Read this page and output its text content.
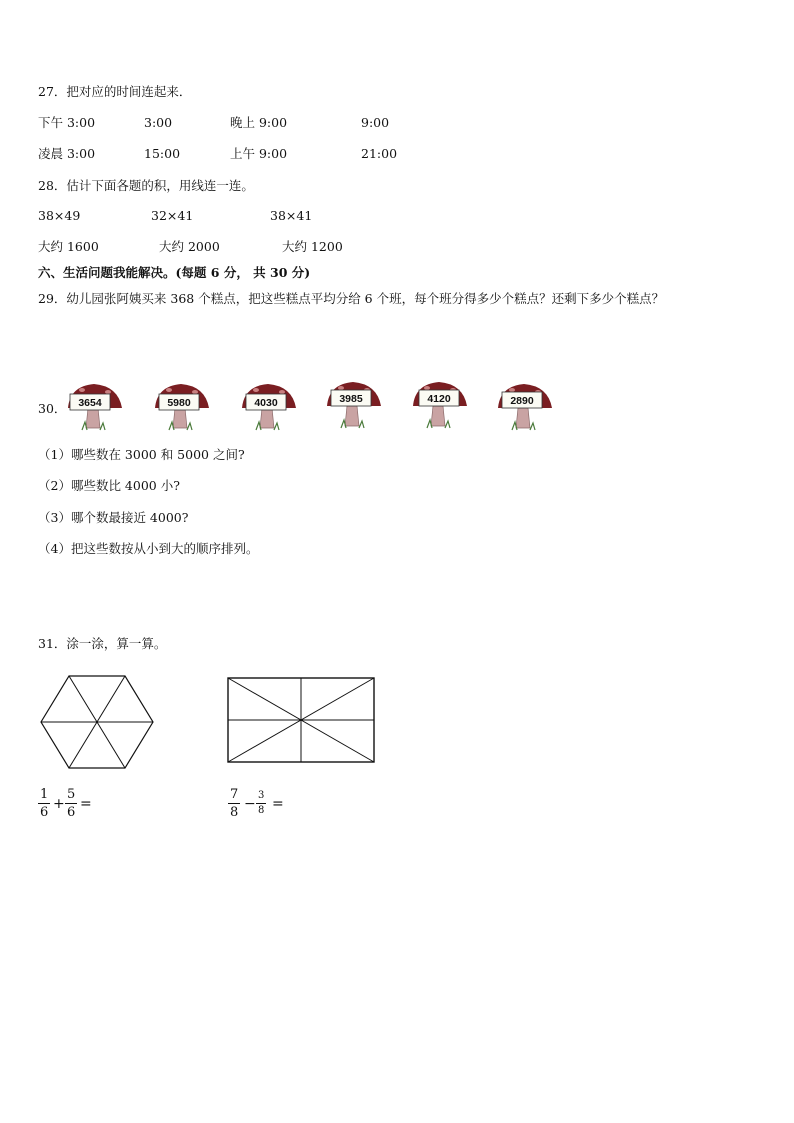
27．把对应的时间连起来．
下午 3:00	3:00	晚上 9:00	9:00
凌晨 3:00	15:00	上午 9:00	21:00
28．估计下面各题的积，用线连一连。
38×49	32×41	38×41
大约 1600	大约 2000	大约 1200
六、生活问题我能解决。(每题 6 分， 共 30 分)
29．幼儿园张阿姨买来 368 个糕点，把这些糕点平均分给 6 个班，每个班分得多少个糕点？还剩下多少个糕点？
30． 3654	5980	4030	3985	4120	2890
（1）哪些数在 3000 和 5000 之间?
（2）哪些数比 4000 小?
（3）哪个数最接近 4000?
（4）把这些数按从小到大的顺序排列。
31．涂一涂，算一算。
$\frac{1}{6} + \frac{5}{6}$ =	$\frac{7}{8} - \frac{3}{8}$ =
